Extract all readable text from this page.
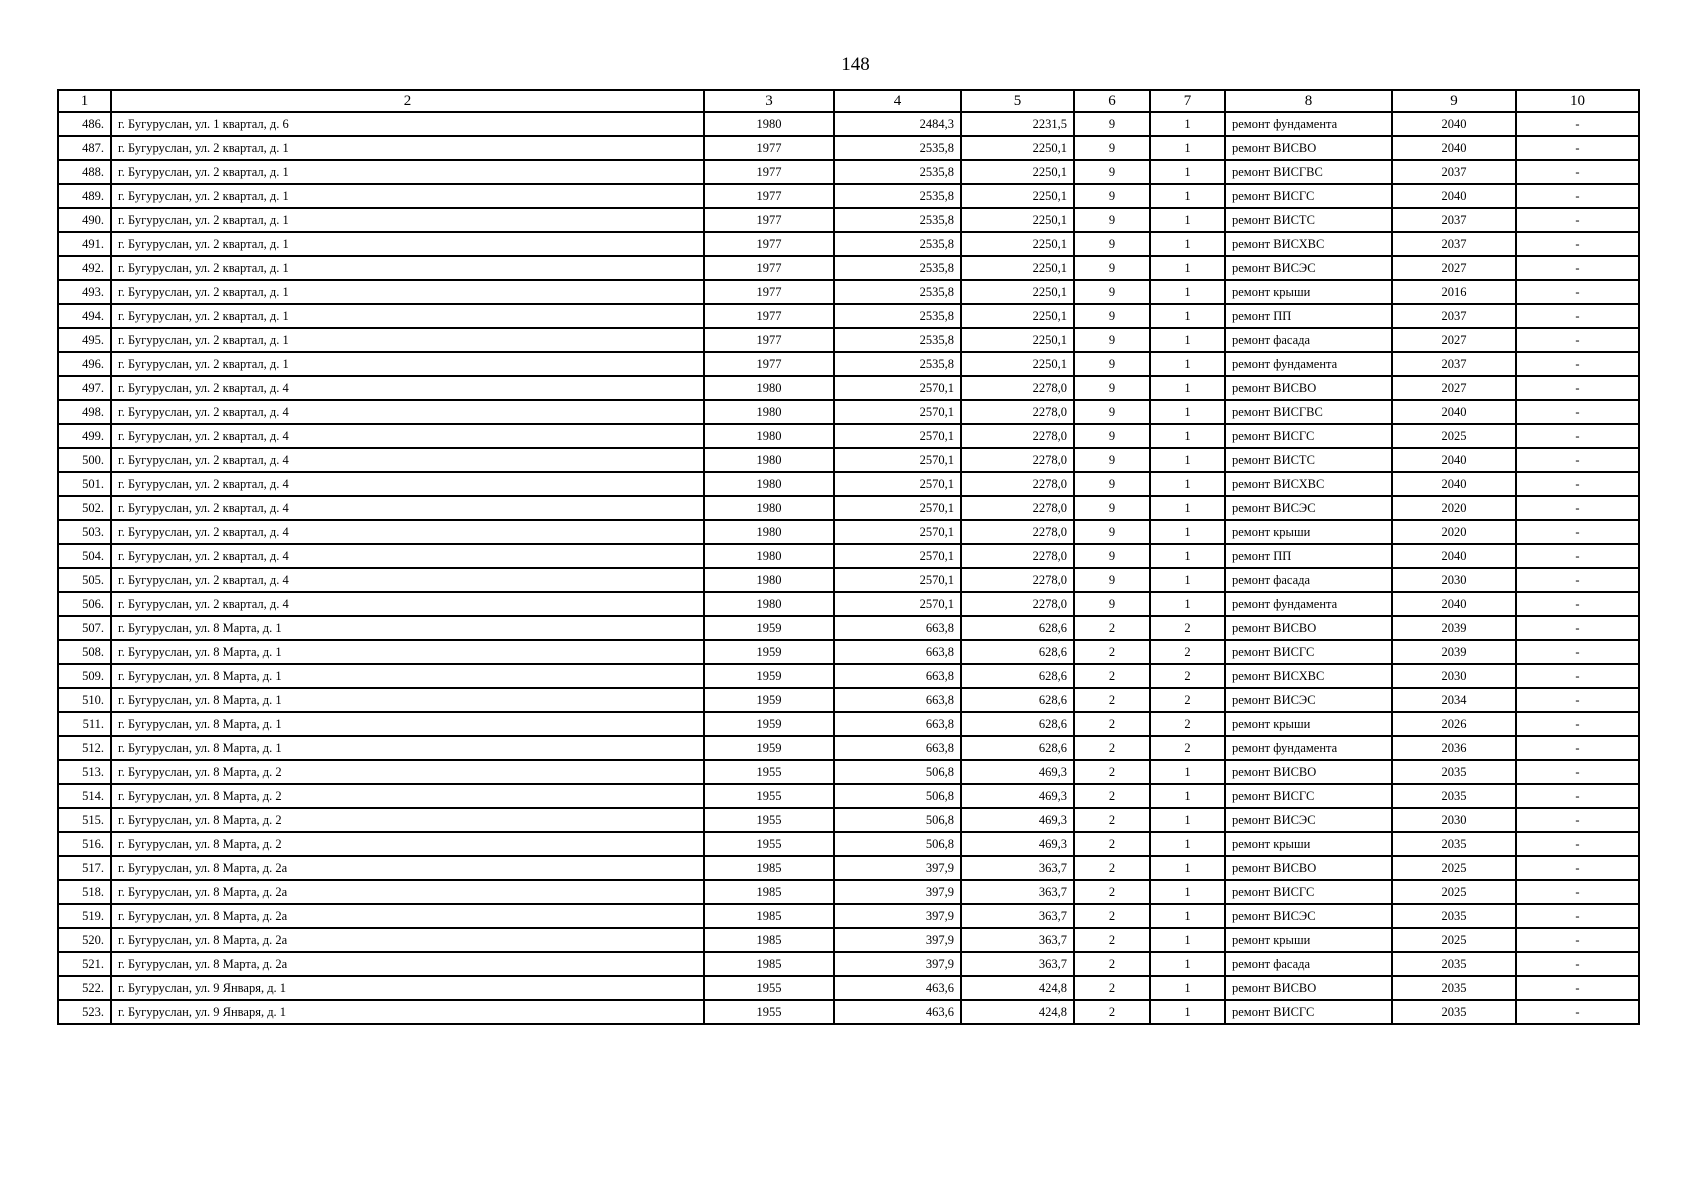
148
1	2	3	4	5	6	7	8	9	10
486.	г. Бугуруслан, ул. 1 квартал, д. 6	1980	2484,3	2231,5	9	1	ремонт фундамента	2040	-
487.	г. Бугуруслан, ул. 2 квартал, д. 1	1977	2535,8	2250,1	9	1	ремонт ВИСВО	2040	-
488.	г. Бугуруслан, ул. 2 квартал, д. 1	1977	2535,8	2250,1	9	1	ремонт ВИСГВС	2037	-
489.	г. Бугуруслан, ул. 2 квартал, д. 1	1977	2535,8	2250,1	9	1	ремонт ВИСГС	2040	-
490.	г. Бугуруслан, ул. 2 квартал, д. 1	1977	2535,8	2250,1	9	1	ремонт ВИСТС	2037	-
491.	г. Бугуруслан, ул. 2 квартал, д. 1	1977	2535,8	2250,1	9	1	ремонт ВИСХВС	2037	-
492.	г. Бугуруслан, ул. 2 квартал, д. 1	1977	2535,8	2250,1	9	1	ремонт ВИСЭС	2027	-
493.	г. Бугуруслан, ул. 2 квартал, д. 1	1977	2535,8	2250,1	9	1	ремонт крыши	2016	-
494.	г. Бугуруслан, ул. 2 квартал, д. 1	1977	2535,8	2250,1	9	1	ремонт ПП	2037	-
495.	г. Бугуруслан, ул. 2 квартал, д. 1	1977	2535,8	2250,1	9	1	ремонт фасада	2027	-
496.	г. Бугуруслан, ул. 2 квартал, д. 1	1977	2535,8	2250,1	9	1	ремонт фундамента	2037	-
497.	г. Бугуруслан, ул. 2 квартал, д. 4	1980	2570,1	2278,0	9	1	ремонт ВИСВО	2027	-
498.	г. Бугуруслан, ул. 2 квартал, д. 4	1980	2570,1	2278,0	9	1	ремонт ВИСГВС	2040	-
499.	г. Бугуруслан, ул. 2 квартал, д. 4	1980	2570,1	2278,0	9	1	ремонт ВИСГС	2025	-
500.	г. Бугуруслан, ул. 2 квартал, д. 4	1980	2570,1	2278,0	9	1	ремонт ВИСТС	2040	-
501.	г. Бугуруслан, ул. 2 квартал, д. 4	1980	2570,1	2278,0	9	1	ремонт ВИСХВС	2040	-
502.	г. Бугуруслан, ул. 2 квартал, д. 4	1980	2570,1	2278,0	9	1	ремонт ВИСЭС	2020	-
503.	г. Бугуруслан, ул. 2 квартал, д. 4	1980	2570,1	2278,0	9	1	ремонт крыши	2020	-
504.	г. Бугуруслан, ул. 2 квартал, д. 4	1980	2570,1	2278,0	9	1	ремонт ПП	2040	-
505.	г. Бугуруслан, ул. 2 квартал, д. 4	1980	2570,1	2278,0	9	1	ремонт фасада	2030	-
506.	г. Бугуруслан, ул. 2 квартал, д. 4	1980	2570,1	2278,0	9	1	ремонт фундамента	2040	-
507.	г. Бугуруслан, ул. 8 Марта, д. 1	1959	663,8	628,6	2	2	ремонт ВИСВО	2039	-
508.	г. Бугуруслан, ул. 8 Марта, д. 1	1959	663,8	628,6	2	2	ремонт ВИСГС	2039	-
509.	г. Бугуруслан, ул. 8 Марта, д. 1	1959	663,8	628,6	2	2	ремонт ВИСХВС	2030	-
510.	г. Бугуруслан, ул. 8 Марта, д. 1	1959	663,8	628,6	2	2	ремонт ВИСЭС	2034	-
511.	г. Бугуруслан, ул. 8 Марта, д. 1	1959	663,8	628,6	2	2	ремонт крыши	2026	-
512.	г. Бугуруслан, ул. 8 Марта, д. 1	1959	663,8	628,6	2	2	ремонт фундамента	2036	-
513.	г. Бугуруслан, ул. 8 Марта, д. 2	1955	506,8	469,3	2	1	ремонт ВИСВО	2035	-
514.	г. Бугуруслан, ул. 8 Марта, д. 2	1955	506,8	469,3	2	1	ремонт ВИСГС	2035	-
515.	г. Бугуруслан, ул. 8 Марта, д. 2	1955	506,8	469,3	2	1	ремонт ВИСЭС	2030	-
516.	г. Бугуруслан, ул. 8 Марта, д. 2	1955	506,8	469,3	2	1	ремонт крыши	2035	-
517.	г. Бугуруслан, ул. 8 Марта, д. 2а	1985	397,9	363,7	2	1	ремонт ВИСВО	2025	-
518.	г. Бугуруслан, ул. 8 Марта, д. 2а	1985	397,9	363,7	2	1	ремонт ВИСГС	2025	-
519.	г. Бугуруслан, ул. 8 Марта, д. 2а	1985	397,9	363,7	2	1	ремонт ВИСЭС	2035	-
520.	г. Бугуруслан, ул. 8 Марта, д. 2а	1985	397,9	363,7	2	1	ремонт крыши	2025	-
521.	г. Бугуруслан, ул. 8 Марта, д. 2а	1985	397,9	363,7	2	1	ремонт фасада	2035	-
522.	г. Бугуруслан, ул. 9 Января, д. 1	1955	463,6	424,8	2	1	ремонт ВИСВО	2035	-
523.	г. Бугуруслан, ул. 9 Января, д. 1	1955	463,6	424,8	2	1	ремонт ВИСГС	2035	-
